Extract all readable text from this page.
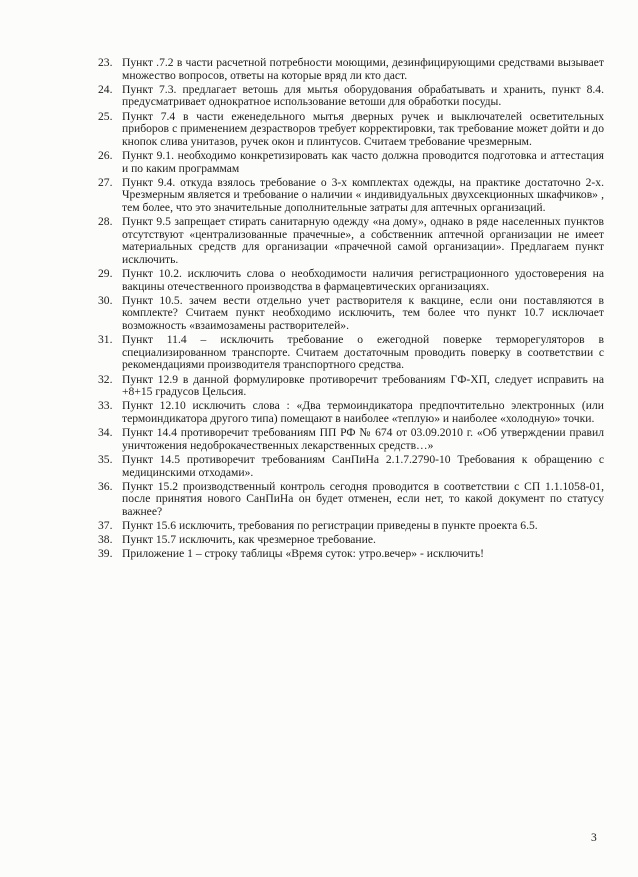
23. Пункт .7.2 в части расчетной потребности моющими, дезинфицирующими средствами вызывает множество вопросов, ответы на которые вряд ли кто даст.
24. Пункт 7.3. предлагает ветошь для мытья оборудования обрабатывать и хранить, пункт 8.4. предусматривает однократное использование ветоши для обработки посуды.
25. Пункт 7.4 в части еженедельного мытья дверных ручек и выключателей осветительных приборов с применением дезраствoров требует корректировки, так требование может дойти и до кнопок слива унитазов, ручек окон и плинтусов. Считаем требование чрезмерным.
26. Пункт 9.1. необходимо конкретизировать как часто должна проводится подготовка и аттестация и по каким программам
27. Пункт 9.4. откуда взялось требование о 3-х комплектах одежды, на практике достаточно 2-х. Чрезмерным является и требование о наличии « индивидуальных двухсекционных шкафчиков» , тем более, что это значительные дополнительные затраты для аптечных организаций.
28. Пункт 9.5 запрещает стирать санитарную одежду «на дому», однако в ряде населенных пунктов отсутствуют «централизованные прачечные», а собственник аптечной организации не имеет материальных средств для организации «прачечной самой организации». Предлагаем пункт исключить.
29. Пункт 10.2. исключить слова о необходимости наличия регистрационного удостоверения на вакцины отечественного производства в фармацевтических организациях.
30. Пункт 10.5. зачем вести отдельно учет растворителя к вакцине, если они поставляются в комплекте? Считаем пункт необходимо исключить, тем более что пункт 10.7 исключает возможность «взаимозамены растворителей».
31. Пункт 11.4 – исключить требование о ежегодной поверке терморегуляторов в специализированном транспорте. Считаем достаточным проводить поверку в соответствии с рекомендациями производителя транспортного средства.
32. Пункт 12.9 в данной формулировке противоречит требованиям ГФ-ХП, следует исправить на +8+15 градусов Цельсия.
33. Пункт 12.10 исключить слова : «Два термоиндикатора предпочтительно электронных (или термоиндикатора другого типа) помещают в наиболее «теплую» и наиболее «холодную» точки.
34. Пункт 14.4 противоречит требованиям ПП РФ № 674 от 03.09.2010 г. «Об утверждении правил уничтожения недоброкачественных лекарственных средств…»
35. Пункт 14.5 противоречит требованиям СанПиНа 2.1.7.2790-10 Требования к обращению с медицинскими отходами».
36. Пункт 15.2 производственный контроль сегодня проводится в соответствии с СП 1.1.1058-01, после принятия нового СанПиНа он будет отменен, если нет, то какой документ по статусу важнее?
37. Пункт 15.6 исключить, требования по регистрации приведены в пункте проекта 6.5.
38. Пункт 15.7 исключить, как чрезмерное требование.
39. Приложение 1 – строку таблицы «Время суток: утро.вечер» - исключить!
3
